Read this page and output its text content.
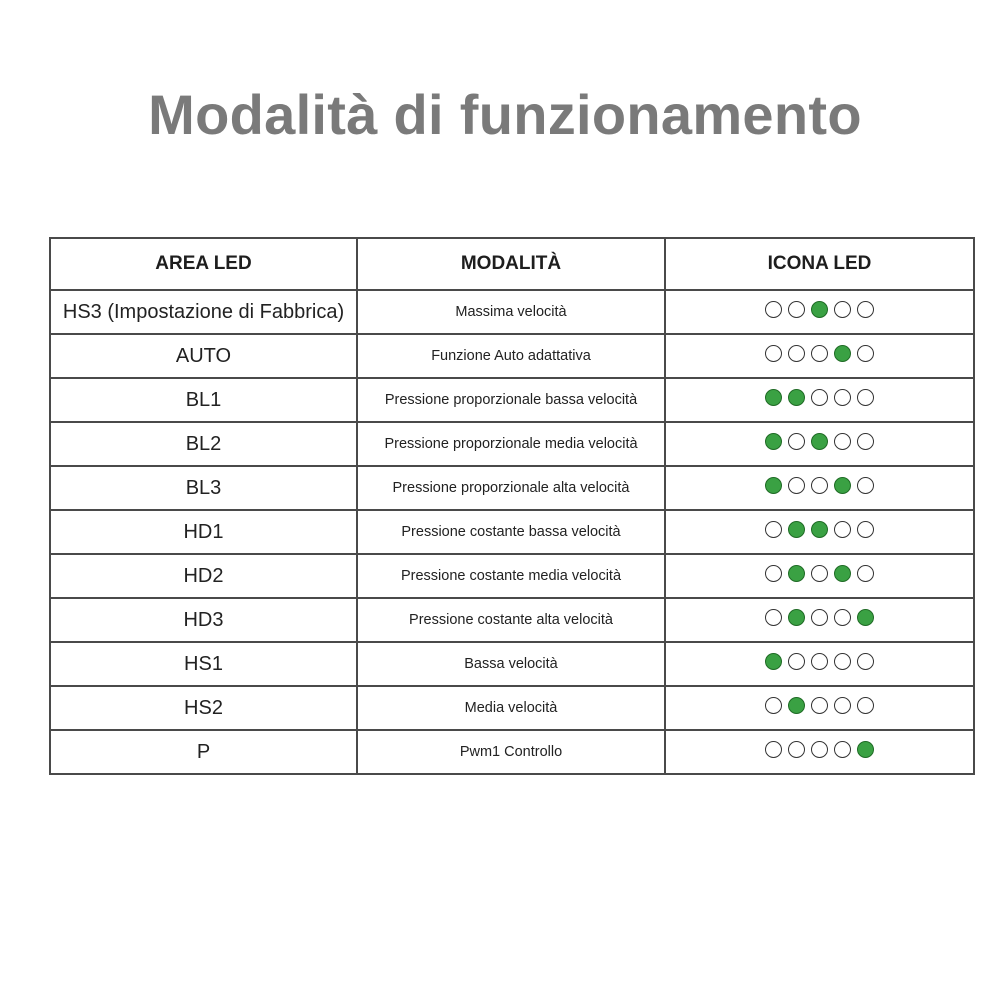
Modalità di funzionamento
AREA LED	MODALITÀ	ICONA LED
HS3 (Impostazione di Fabbrica)	Massima velocità	

AUTO	Funzione Auto adattativa	

BL1	Pressione proporzionale bassa velocità	

BL2	Pressione proporzionale media velocità	

BL3	Pressione proporzionale alta velocità	

HD1	Pressione costante bassa velocità	

HD2	Pressione costante media velocità	

HD3	Pressione costante alta velocità	

HS1	Bassa velocità	

HS2	Media velocità	

P	Pwm1 Controllo	
